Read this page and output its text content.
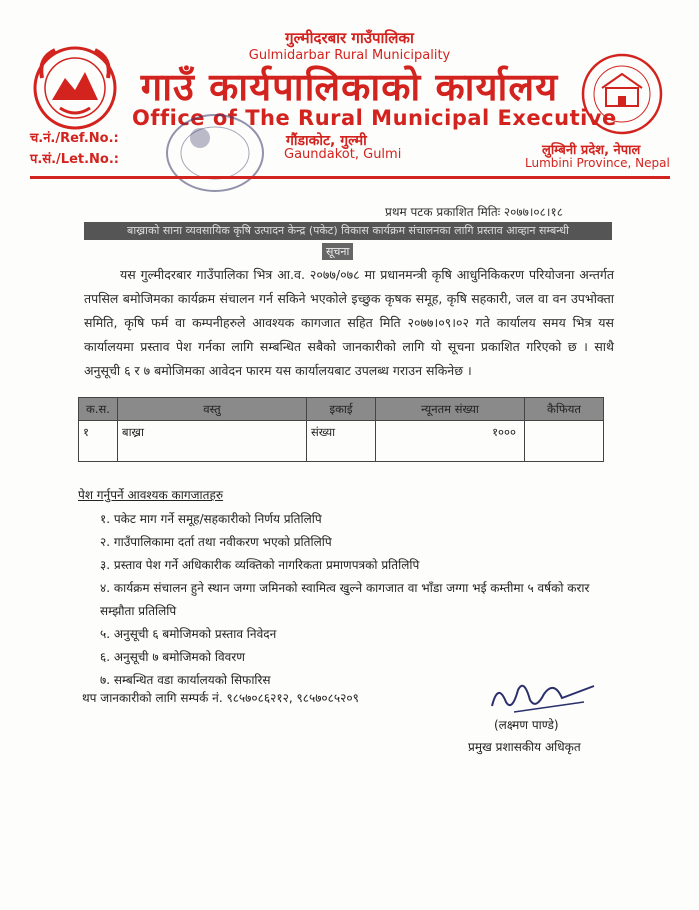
गुल्मीदरबार गाउँपालिका
Gulmidarbar Rural Municipality
गाउँ कार्यपालिकाको कार्यालय
Office of The Rural Municipal Executive
गौंडाकोट, गुल्मी
Gaundakot, Gulmi
च.नं./Ref.No.:
प.सं./Let.No.:
लुम्बिनी प्रदेश, नेपाल
Lumbini Province, Nepal
प्रथम पटक प्रकाशित मितिः २०७७।०८।१८
बाख्राको साना व्यवसायिक कृषि उत्पादन केन्द्र (पकेट) विकास कार्यक्रम संचालनका लागि प्रस्ताव आव्हान सम्बन्धी
सूचना
यस गुल्मीदरबार गाउँपालिका भित्र आ.व. २०७७/०७८ मा प्रधानमन्त्री कृषि आधुनिकिकरण परियोजना अन्तर्गत तपसिल बमोजिमका कार्यक्रम संचालन गर्न सकिने भएकोले इच्छुक कृषक समूह, कृषि सहकारी, जल वा वन उपभोक्ता समिति, कृषि फर्म वा कम्पनीहरुले आवश्यक कागजात सहित मिति २०७७।०९।०२ गते कार्यालय समय भित्र यस कार्यालयमा प्रस्ताव पेश गर्नका लागि सम्बन्धित सबैको जानकारीको लागि यो सूचना प्रकाशित गरिएको छ । साथै अनुसूची ६ र ७ बमोजिमका आवेदन फारम यस कार्यालयबाट उपलब्ध गराउन सकिनेछ ।
क.स.	वस्तु	इकाई	न्यूनतम संख्या	कैफियत
१	बाख्रा	संख्या	१०००	
पेश गर्नुपर्ने आवश्यक कागजातहरु
१. पकेट माग गर्ने समूह/सहकारीको निर्णय प्रतिलिपि
२. गाउँपालिकामा दर्ता तथा नवीकरण भएको प्रतिलिपि
३. प्रस्ताव पेश गर्ने अधिकारीक व्यक्तिको नागरिकता प्रमाणपत्रको प्रतिलिपि
४. कार्यक्रम संचालन हुने स्थान जग्गा जमिनको स्वामित्व खुल्ने कागजात वा भाँडा जग्गा भई कम्तीमा ५ वर्षको करार सम्झौता प्रतिलिपि
५. अनुसूची ६ बमोजिमको प्रस्ताव निवेदन
६. अनुसूची ७ बमोजिमको विवरण
७. सम्बन्धित वडा कार्यालयको सिफारिस
थप जानकारीको लागि सम्पर्क नं. ९८५७०८६२१२, ९८५७०८५२०९
(लक्ष्मण पाण्डे)
प्रमुख प्रशासकीय अधिकृत
